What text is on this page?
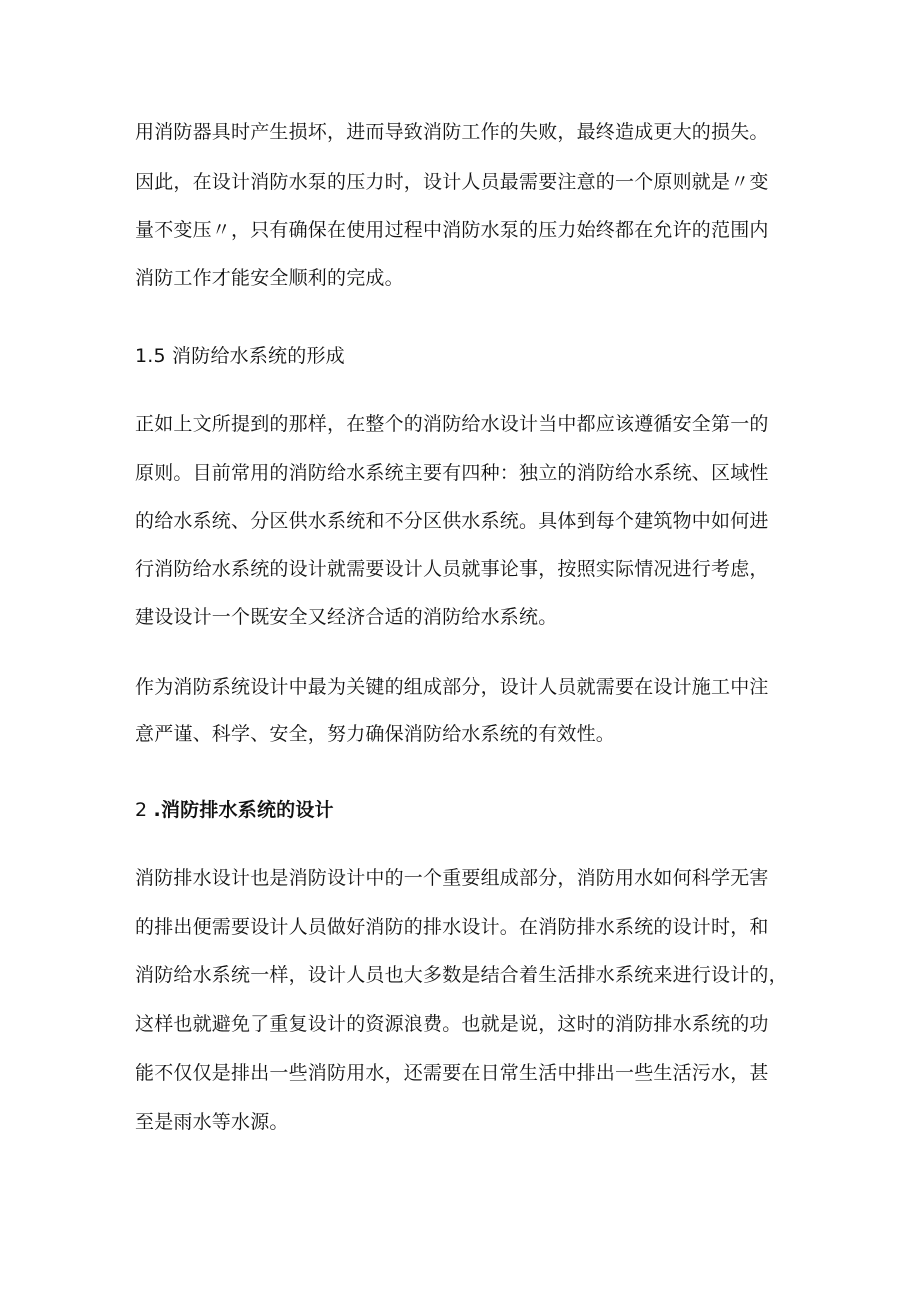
用消防器具时产生损坏，进而导致消防工作的失败，最终造成更大的损失。
因此，在设计消防水泵的压力时，设计人员最需要注意的一个原则就是〃变
量不变压〃，只有确保在使用过程中消防水泵的压力始终都在允许的范围内
消防工作才能安全顺利的完成。
1.5 消防给水系统的形成
正如上文所提到的那样，在整个的消防给水设计当中都应该遵循安全第一的
原则。目前常用的消防给水系统主要有四种：独立的消防给水系统、区域性
的给水系统、分区供水系统和不分区供水系统。具体到每个建筑物中如何进
行消防给水系统的设计就需要设计人员就事论事，按照实际情况进行考虑，
建设设计一个既安全又经济合适的消防给水系统。
作为消防系统设计中最为关键的组成部分，设计人员就需要在设计施工中注
意严谨、科学、安全，努力确保消防给水系统的有效性。
2 .消防排水系统的设计
消防排水设计也是消防设计中的一个重要组成部分，消防用水如何科学无害
的排出便需要设计人员做好消防的排水设计。在消防排水系统的设计时，和
消防给水系统一样，设计人员也大多数是结合着生活排水系统来进行设计的，
这样也就避免了重复设计的资源浪费。也就是说，这时的消防排水系统的功
能不仅仅是排出一些消防用水，还需要在日常生活中排出一些生活污水，甚
至是雨水等水源。
